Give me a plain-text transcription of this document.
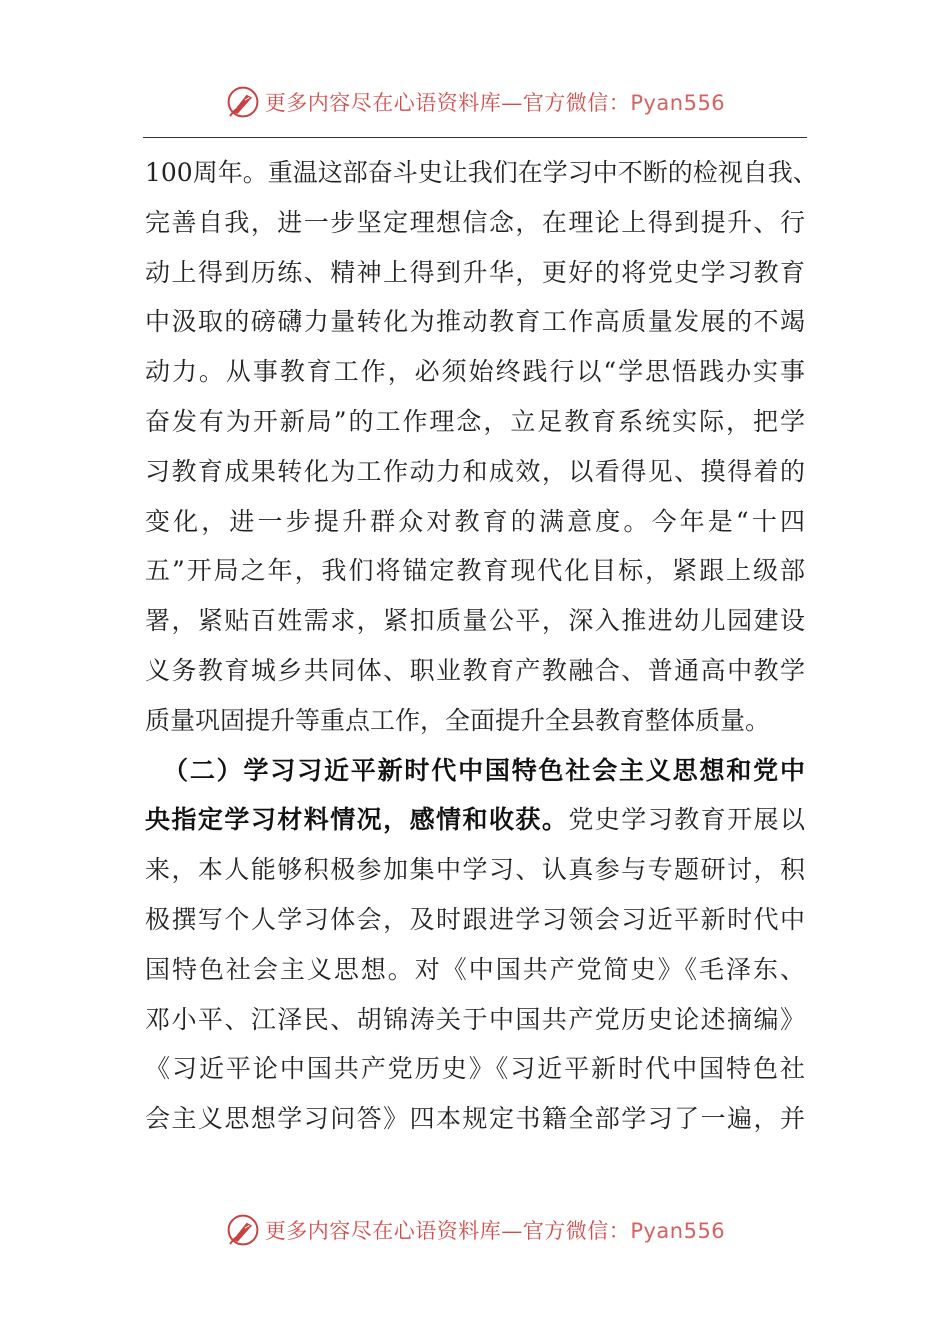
更多内容尽在心语资料库—官方微信：Pyan556
100周年。重温这部奋斗史让我们在学习中不断的检视自我、
完善自我，进一步坚定理想信念，在理论上得到提升、行
动上得到历练、精神上得到升华，更好的将党史学习教育
中汲取的磅礴力量转化为推动教育工作高质量发展的不竭
动力。从事教育工作，必须始终践行以“学思悟践办实事
奋发有为开新局”的工作理念，立足教育系统实际，把学
习教育成果转化为工作动力和成效，以看得见、摸得着的
变化，进一步提升群众对教育的满意度。今年是“十四
五”开局之年，我们将锚定教育现代化目标，紧跟上级部
署，紧贴百姓需求，紧扣质量公平，深入推进幼儿园建设
义务教育城乡共同体、职业教育产教融合、普通高中教学
质量巩固提升等重点工作，全面提升全县教育整体质量。
（二）学习习近平新时代中国特色社会主义思想和党中
央指定学习材料情况，感情和收获。党史学习教育开展以
来，本人能够积极参加集中学习、认真参与专题研讨，积
极撰写个人学习体会，及时跟进学习领会习近平新时代中
国特色社会主义思想。对《中国共产党简史》《毛泽东、
邓小平、江泽民、胡锦涛关于中国共产党历史论述摘编》
《习近平论中国共产党历史》《习近平新时代中国特色社
会主义思想学习问答》四本规定书籍全部学习了一遍，并
更多内容尽在心语资料库—官方微信：Pyan556
